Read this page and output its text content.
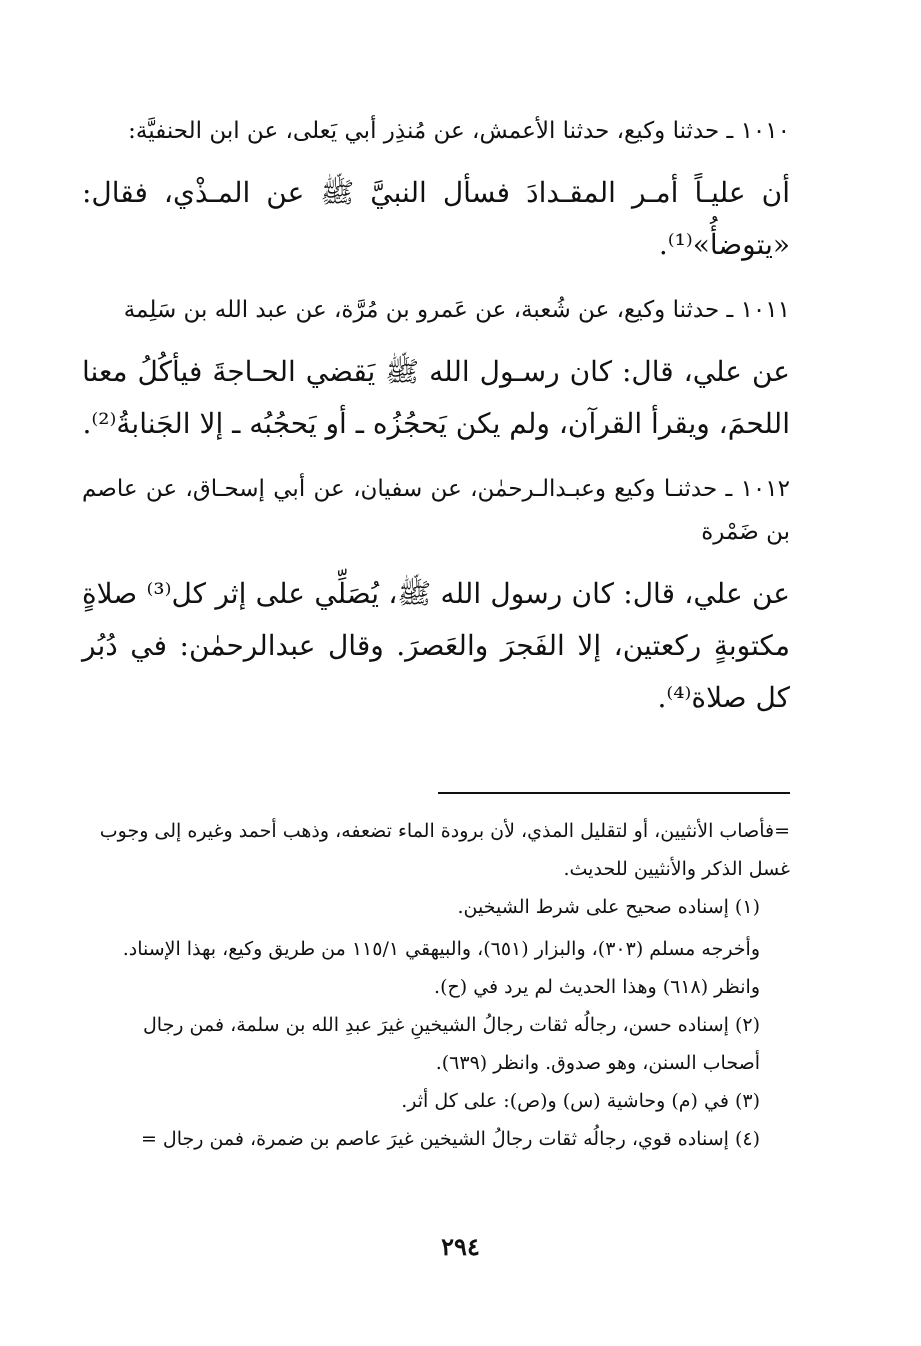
١٠١٠ ـ حدثنا وكيع، حدثنا الأعمش، عن مُنذِر أبي يَعلى، عن ابن الحنفيَّة:

أن عليـاً أمـر المقـدادَ فسأل النبيَّ ﷺ عن المـذْي، فقال: «يتوضأُ»⁽¹⁾.

١٠١١ ـ حدثنا وكيع، عن شُعبة، عن عَمرو بن مُرَّة، عن عبد الله بن سَلِمة

عن علي، قال: كان رسـول الله ﷺ يَقضي الحـاجةَ فيأكُلُ معنا اللحمَ، ويقرأ القرآن، ولم يكن يَحجُزُه ـ أو يَحجُبُه ـ إلا الجَنابةُ⁽²⁾.

١٠١٢ ـ حدثنـا وكيع وعبـدالـرحمٰن، عن سفيان، عن أبي إسحـاق، عن عاصم بن ضَمْرة

عن علي، قال: كان رسول الله ﷺ، يُصَلِّي على إثر كل⁽³⁾ صلاةٍ مكتوبةٍ ركعتين، إلا الفَجرَ والعَصرَ. وقال عبدالرحمٰن: في دُبُر كل صلاة⁽⁴⁾.

=فأصاب الأنثيين، أو لتقليل المذي، لأن برودة الماء تضعفه، وذهب أحمد وغيره إلى وجوب غسل الذكر والأنثيين للحديث.

(١) إسناده صحيح على شرط الشيخين.

وأخرجه مسلم (٣٠٣)، والبزار (٦٥١)، والبيهقي ١١٥/١ من طريق وكيع، بهذا الإسناد. وانظر (٦١٨) وهذا الحديث لم يرد في (ح).

(٢) إسناده حسن، رجالُه ثقات رجالُ الشيخينِ غيرَ عبدِ الله بن سلمة، فمن رجال أصحاب السنن، وهو صدوق. وانظر (٦٣٩).

(٣) في (م) وحاشية (س) و(ص): على كل أثر.

(٤) إسناده قوي، رجالُه ثقات رجالُ الشيخين غيرَ عاصم بن ضمرة، فمن رجال =

٢٩٤
